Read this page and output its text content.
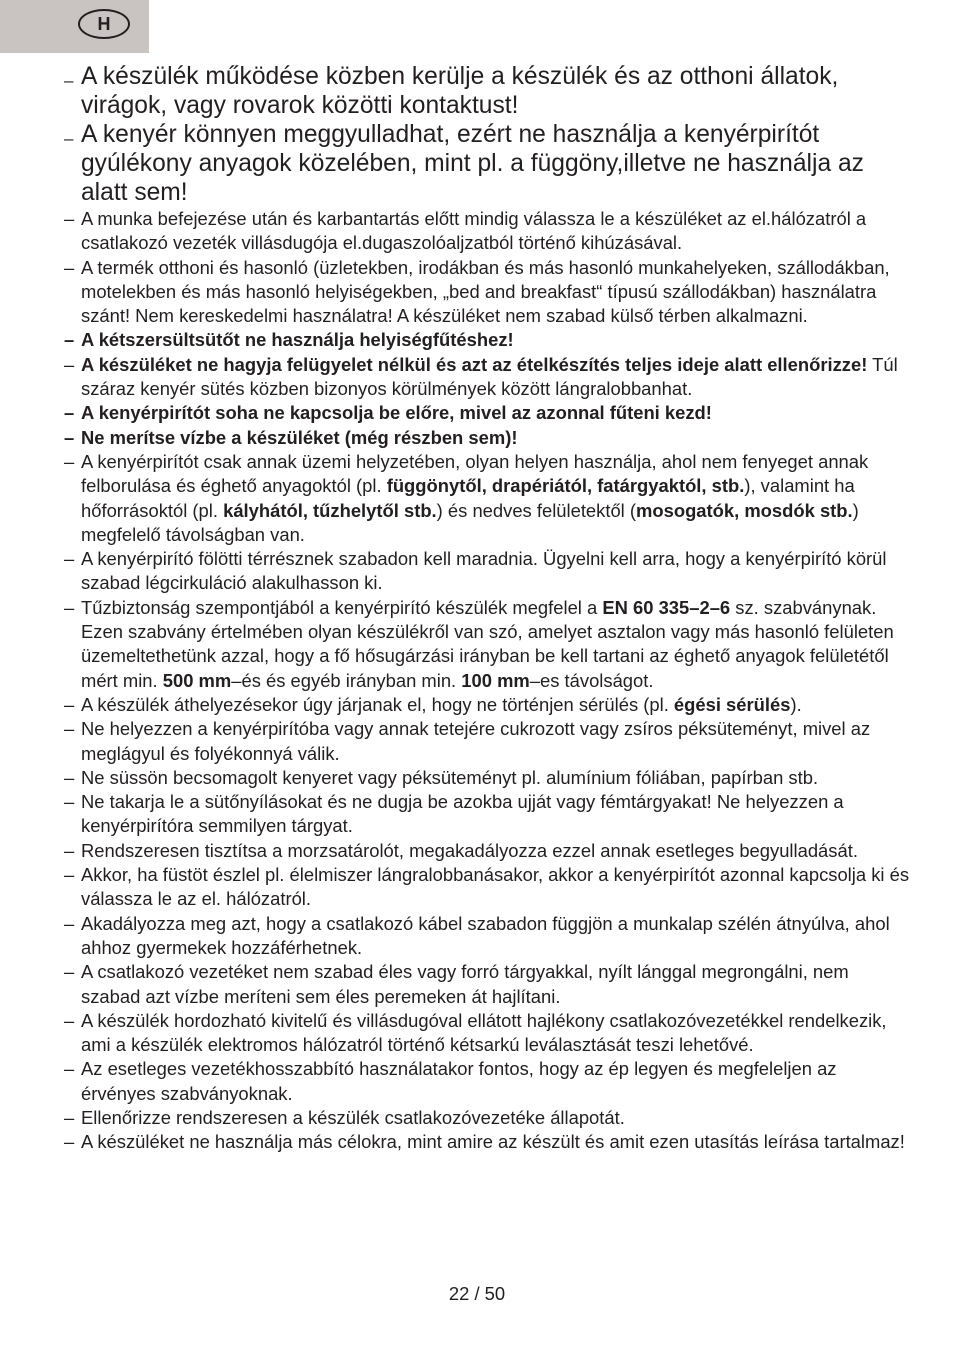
H
– A készülék működése közben kerülje a készülék és az otthoni állatok, virágok, vagy rovarok közötti kontaktust!
– A kenyér könnyen meggyulladhat, ezért ne használja a kenyérpirítót gyúlékony anyagok közelében, mint pl. a függöny,illetve ne használja az alatt sem!
– A munka befejezése után és karbantartás előtt mindig válassza le a készüléket az el.hálózatról a csatlakozó vezeték villásdugója el.dugaszolóaljzatból történő kihúzásával.
– A termék otthoni és hasonló (üzletekben, irodákban és más hasonló munkahelyeken, szállodákban, motelekben és más hasonló helyiségekben, „bed and breakfast“ típusú szállodákban) használatra szánt! Nem kereskedelmi használatra! A készüléket nem szabad külső térben alkalmazni.
– A kétszersültsütőt ne használja helyiségfűtéshez!
– A készüléket ne hagyja felügyelet nélkül és azt az ételkészítés teljes ideje alatt ellenőrizze! Túl száraz kenyér sütés közben bizonyos körülmények között lángralobbanhat.
– A kenyérpirítót soha ne kapcsolja be előre, mivel az azonnal fűteni kezd!
– Ne merítse vízbe a készüléket (még részben sem)!
– A kenyérpirítót csak annak üzemi helyzetében, olyan helyen használja, ahol nem fenyeget annak felborulása és éghető anyagoktól (pl. függönytől, drapériától, fatárgyaktól, stb.), valamint ha hőforrásoktól (pl. kályhától, tűzhelytől stb.) és nedves felületektől (mosogatók, mosdók stb.) megfelelő távolságban van.
– A kenyérpirító fölötti térrésznek szabadon kell maradnia. Ügyelni kell arra, hogy a kenyérpirító körül szabad légcirkuláció alakulhasson ki.
– Tűzbiztonság szempontjából a kenyérpirító készülék megfelel a EN 60 335–2–6 sz. szabványnak. Ezen szabvány értelmében olyan készülékről van szó, amelyet asztalon vagy más hasonló felületen üzemeltethetünk azzal, hogy a fő hősugárzási irányban be kell tartani az éghető anyagok felületétől mért min. 500 mm–és és egyéb irányban min. 100 mm–es távolságot.
– A készülék áthelyezésekor úgy járjanak el, hogy ne történjen sérülés (pl. égési sérülés).
– Ne helyezzen a kenyérpirítóba vagy annak tetejére cukrozott vagy zsíros péksüteményt, mivel az meglágyul és folyékonnyá válik.
– Ne süssön becsomagolt kenyeret vagy péksüteményt pl. alumínium fóliában, papírban stb.
– Ne takarja le a sütőnyílásokat és ne dugja be azokba ujját vagy fémtárgyakat! Ne helyezzen a kenyérpirítóra semmilyen tárgyat.
– Rendszeresen tisztítsa a morzsatárolót, megakadályozza ezzel annak esetleges begyulladását.
– Akkor, ha füstöt észlel pl. élelmiszer lángralobbanásakor, akkor a kenyérpirítót azonnal kapcsolja ki és válassza le az el. hálózatról.
– Akadályozza meg azt, hogy a csatlakozó kábel szabadon függjön a munkalap szélén átnyúlva, ahol ahhoz gyermekek hozzáférhetnek.
– A csatlakozó vezetéket nem szabad éles vagy forró tárgyakkal, nyílt lánggal megrongálni, nem szabad azt vízbe meríteni sem éles peremeken át hajlítani.
– A készülék hordozható kivitelű és villásdugóval ellátott hajlékony csatlakozóvezetékkel rendelkezik, ami a készülék elektromos hálózatról történő kétsarkú leválasztását teszi lehetővé.
– Az esetleges vezetékhosszabbító használatakor fontos, hogy az ép legyen és megfeleljen az érvényes szabványoknak.
– Ellenőrizze rendszeresen a készülék csatlakozóvezetéke állapotát.
– A készüléket ne használja más célokra, mint amire az készült és amit ezen utasítás leírása tartalmaz!
22 / 50
